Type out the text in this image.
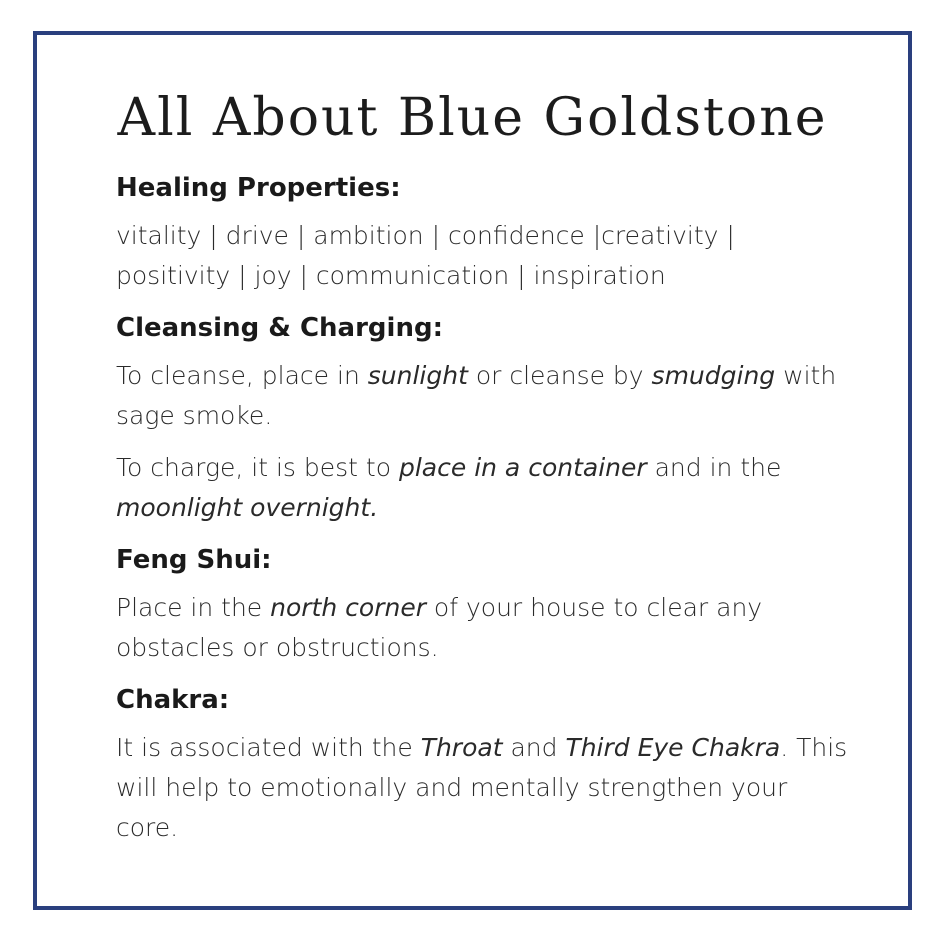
All About Blue Goldstone

Healing Properties:

vitality | drive | ambition | confidence |creativity |
positivity | joy | communication | inspiration

Cleansing & Charging:

To cleanse, place in sunlight or cleanse by smudging with sage smoke.

To charge, it is best to place in a container and in the moonlight overnight.

Feng Shui:

Place in the north corner of your house to clear any obstacles or obstructions.

Chakra:

It is associated with the Throat and Third Eye Chakra. This will help to emotionally and mentally strengthen your core.
